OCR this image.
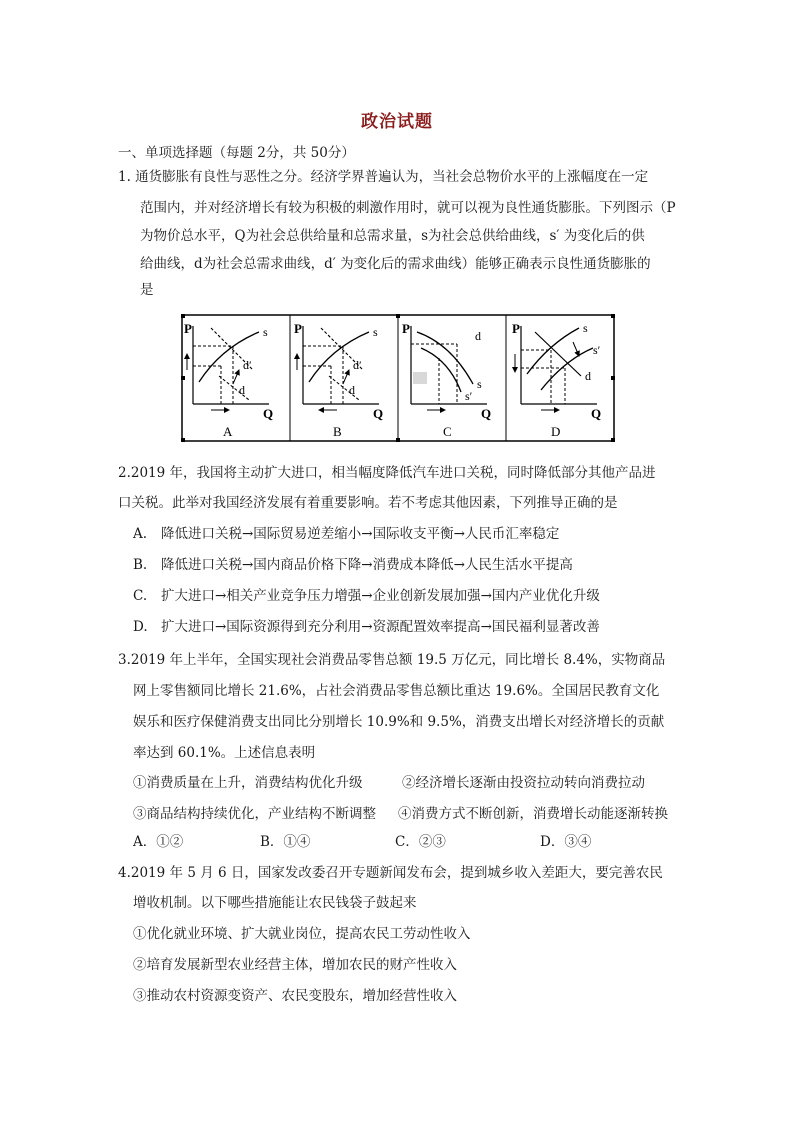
政治试题
一、单项选择题（每题 2分，共 50分）
1. 通货膨胀有良性与恶性之分。经济学界普遍认为，当社会总物价水平的上涨幅度在一定
范围内，并对经济增长有较为积极的刺激作用时，就可以视为良性通货膨胀。下列图示（P
为物价总水平，Q为社会总供给量和总需求量，s为社会总供给曲线，s′ 为变化后的供
给曲线，d为社会总需求曲线，d′ 为变化后的需求曲线）能够正确表示良性通货膨胀的
是
P
Q
s
d′
d
A
P
Q
s
d′
d
B
P
Q
d
s
s′
C
P
Q
s
s′
d
D
2.2019 年，我国将主动扩大进口，相当幅度降低汽车进口关税，同时降低部分其他产品进
口关税。此举对我国经济发展有着重要影响。若不考虑其他因素，下列推导正确的是
A. 降低进口关税→国际贸易逆差缩小→国际收支平衡→人民币汇率稳定
B. 降低进口关税→国内商品价格下降→消费成本降低→人民生活水平提高
C. 扩大进口→相关产业竞争压力增强→企业创新发展加强→国内产业优化升级
D. 扩大进口→国际资源得到充分利用→资源配置效率提高→国民福利显著改善
3.2019 年上半年，全国实现社会消费品零售总额 19.5 万亿元，同比增长 8.4%，实物商品
网上零售额同比增长 21.6%，占社会消费品零售总额比重达 19.6%。全国居民教育文化
娱乐和医疗保健消费支出同比分别增长 10.9%和 9.5%，消费支出增长对经济增长的贡献
率达到 60.1%。上述信息表明
①消费质量在上升，消费结构优化升级	②经济增长逐渐由投资拉动转向消费拉动
③商品结构持续优化，产业结构不断调整 ④消费方式不断创新，消费增长动能逐渐转换
A．①②	B．①④	C．②③	D．③④
4.2019 年 5 月 6 日，国家发改委召开专题新闻发布会，提到城乡收入差距大，要完善农民
增收机制。以下哪些措施能让农民钱袋子鼓起来
①优化就业环境、扩大就业岗位，提高农民工劳动性收入
②培育发展新型农业经营主体，增加农民的财产性收入
③推动农村资源变资产、农民变股东，增加经营性收入
